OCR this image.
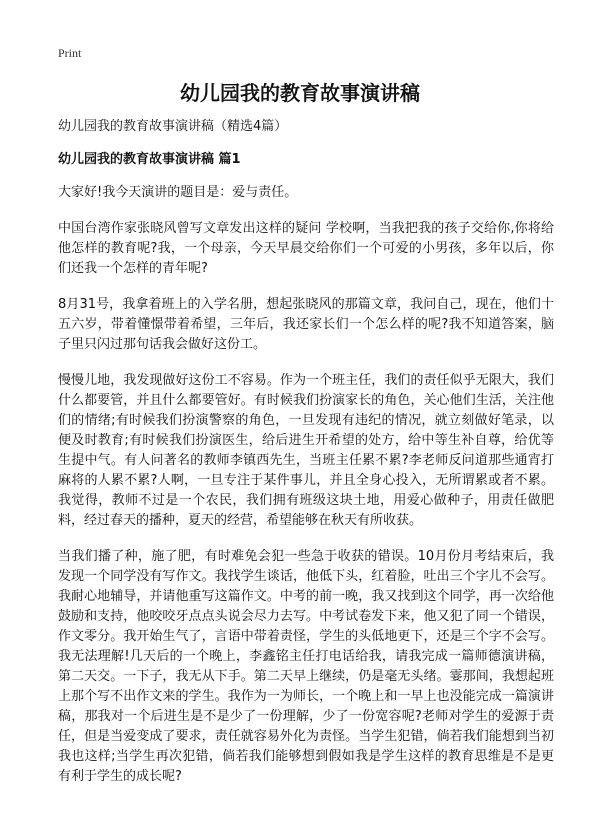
Print
幼儿园我的教育故事演讲稿

幼儿园我的教育故事演讲稿（精选4篇）

幼儿园我的教育故事演讲稿 篇1

大家好!我今天演讲的题目是：爱与责任。

中国台湾作家张晓风曾写文章发出这样的疑问 学校啊，当我把我的孩子交给你,你将给他怎样的教育呢?我，一个母亲，今天早晨交给你们一个可爱的小男孩，多年以后，你们还我一个怎样的青年呢?

8月31号，我拿着班上的入学名册，想起张晓风的那篇文章，我问自己，现在，他们十五六岁，带着懂憬带着希望，三年后，我还家长们一个怎么样的呢?我不知道答案，脑子里只闪过那句话我会做好这份工。

慢慢儿地，我发现做好这份工不容易。作为一个班主任，我们的责任似乎无限大，我们什么都要管，并且什么都要管好。有时候我们扮演家长的角色，关心他们生活，关注他们的情绪;有时候我们扮演警察的角色，一旦发现有违纪的情况，就立刻做好笔录，以便及时教育;有时候我们扮演医生，给后进生开希望的处方，给中等生补自尊，给优等生提中气。有人问著名的教师李镇西先生，当班主任累不累?李老师反问道那些通宵打麻将的人累不累?人啊，一旦专注于某件事儿，并且全身心投入，无所谓累或者不累。我觉得，教师不过是一个农民，我们拥有班级这块土地，用爱心做种子，用责任做肥料，经过春天的播种，夏天的经营，希望能够在秋天有所收获。

当我们播了种，施了肥，有时难免会犯一些急于收获的错误。10月份月考结束后，我发现一个同学没有写作文。我找学生谈话，他低下头，红着脸，吐出三个字儿不会写。我耐心地辅导，并请他重写这篇作文。中考的前一晚，我又找到这个同学，再一次给他鼓励和支持，他咬咬牙点点头说会尽力去写。中考试卷发下来，他又犯了同一个错误，作文零分。我开始生气了，言语中带着责怪，学生的头低地更下，还是三个字不会写。我无法理解!几天后的一个晚上，李鑫铭主任打电话给我，请我完成一篇师德演讲稿，第二天交。一下子，我无从下手。第二天早上继续，仍是毫无头绪。霎那间，我想起班上那个写不出作文来的学生。我作为一为师长，一个晚上和一早上也没能完成一篇演讲稿，那我对一个后进生是不是少了一份理解，少了一份宽容呢?老师对学生的爱源于责任，但是当爱变成了要求，责任就容易外化为责怪。当学生犯错，倘若我们能想到当初我也这样;当学生再次犯错，倘若我们能够想到假如我是学生这样的教育思维是不是更有利于学生的成长呢?
